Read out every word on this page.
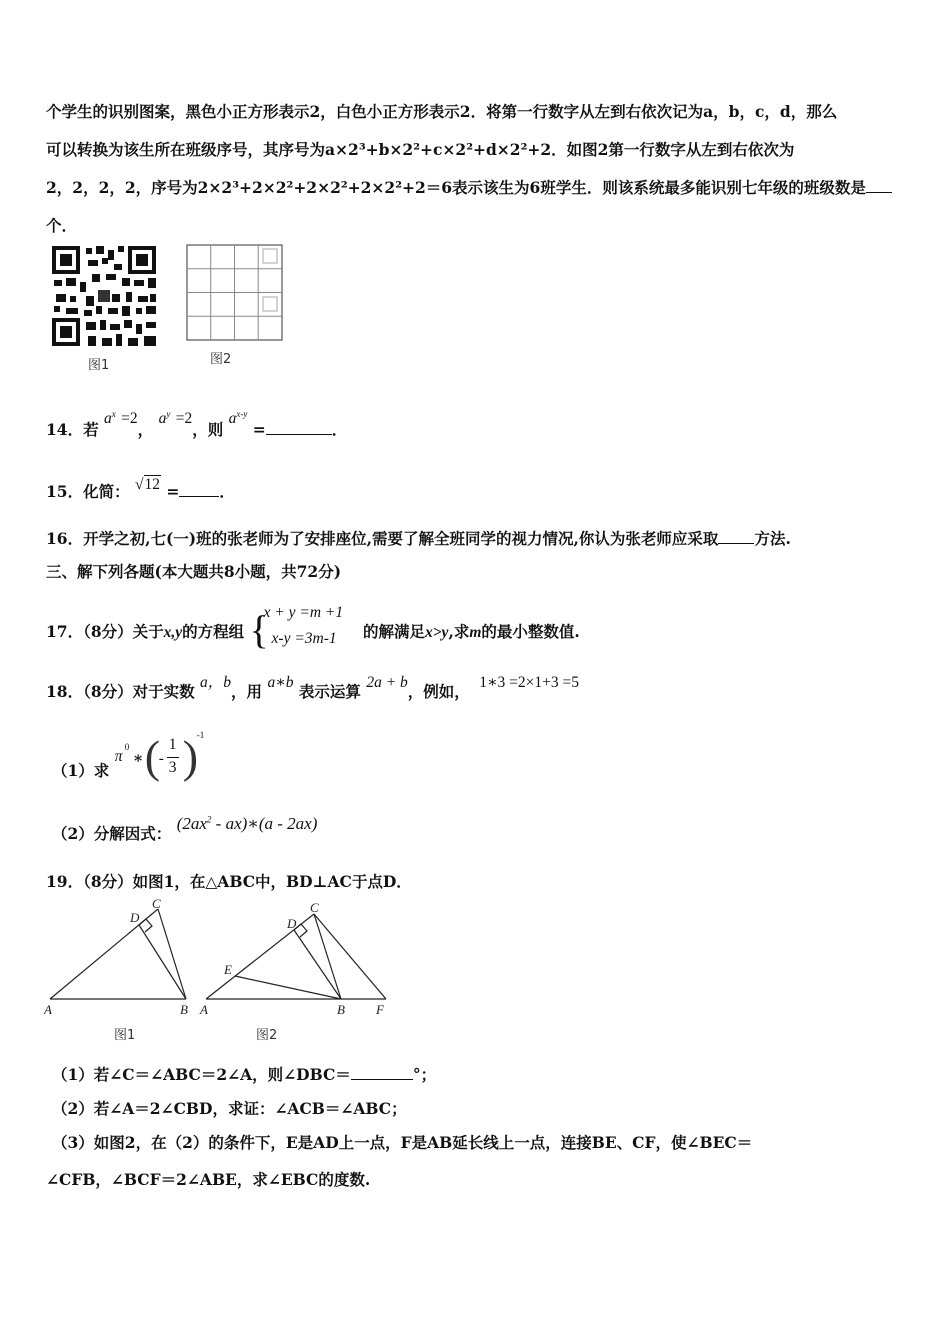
个学生的识别图案，黑色小正方形表示2，白色小正方形表示2．将第一行数字从左到右依次记为a，b，c，d，那么
可以转换为该生所在班级序号，其序号为a×2³+b×2²+c×2²+d×2²+2．如图2第一行数字从左到右依次为
2，2，2，2，序号为2×2³+2×2²+2×2²+2×2²+2＝6表示该生为6班学生．则该系统最多能识别七年级的班级数是
个．
图1	图2
14．若 $a^x =2$， $a^y =2$，则 $a^{x-y}$ =	．
15．化简： √12 =	．
16．开学之初,七(一)班的张老师为了安排座位,需要了解全班同学的视力情况,你认为张老师应采取 方法.
三、解下列各题(本大题共8小题，共72分)
17．（8分）关于x,y的方程组 {
x + y =m +1
x-y =3m-1 的解满足x>y,求m的最小整数值.
18．（8分）对于实数 a，b，用 a∗b 表示运算 2a + b，例如， 1∗3 =2×1+3 =5
（1）求
π
0
∗ (
-
1
3 )
-1
（2）分解因式： ($2ax^2$ - ax)∗(a - 2ax)
19．（8分）如图1，在△ABC中，BD⊥AC于点D．
D
C
A	B
D
C
E
A	B F
图1	图2
（1）若∠C＝∠ABC＝2∠A，则∠DBC＝	°；
（2）若∠A＝2∠CBD，求证：∠ACB＝∠ABC；
（3）如图2，在（2）的条件下，E是AD上一点，F是AB延长线上一点，连接BE、CF，使∠BEC＝
∠CFB，∠BCF＝2∠ABE，求∠EBC的度数.
